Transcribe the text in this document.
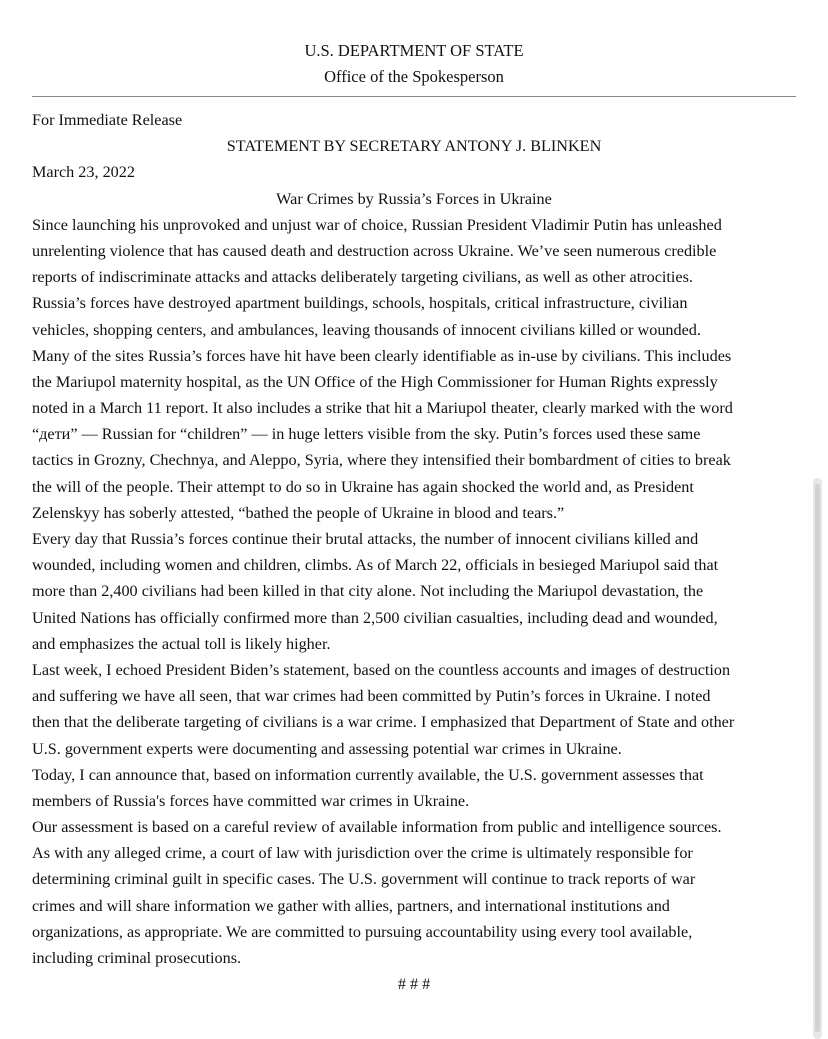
U.S. DEPARTMENT OF STATE
Office of the Spokesperson
For Immediate Release
STATEMENT BY SECRETARY ANTONY J. BLINKEN
March 23, 2022
War Crimes by Russia’s Forces in Ukraine
Since launching his unprovoked and unjust war of choice, Russian President Vladimir Putin has unleashed
unrelenting violence that has caused death and destruction across Ukraine. We’ve seen numerous credible
reports of indiscriminate attacks and attacks deliberately targeting civilians, as well as other atrocities.
Russia’s forces have destroyed apartment buildings, schools, hospitals, critical infrastructure, civilian
vehicles, shopping centers, and ambulances, leaving thousands of innocent civilians killed or wounded.
Many of the sites Russia’s forces have hit have been clearly identifiable as in-use by civilians. This includes
the Mariupol maternity hospital, as the UN Office of the High Commissioner for Human Rights expressly
noted in a March 11 report. It also includes a strike that hit a Mariupol theater, clearly marked with the word
“дети” — Russian for “children” — in huge letters visible from the sky. Putin’s forces used these same
tactics in Grozny, Chechnya, and Aleppo, Syria, where they intensified their bombardment of cities to break
the will of the people. Their attempt to do so in Ukraine has again shocked the world and, as President
Zelenskyy has soberly attested, “bathed the people of Ukraine in blood and tears.”
Every day that Russia’s forces continue their brutal attacks, the number of innocent civilians killed and
wounded, including women and children, climbs. As of March 22, officials in besieged Mariupol said that
more than 2,400 civilians had been killed in that city alone. Not including the Mariupol devastation, the
United Nations has officially confirmed more than 2,500 civilian casualties, including dead and wounded,
and emphasizes the actual toll is likely higher.
Last week, I echoed President Biden’s statement, based on the countless accounts and images of destruction
and suffering we have all seen, that war crimes had been committed by Putin’s forces in Ukraine. I noted
then that the deliberate targeting of civilians is a war crime. I emphasized that Department of State and other
U.S. government experts were documenting and assessing potential war crimes in Ukraine.
Today, I can announce that, based on information currently available, the U.S. government assesses that
members of Russia's forces have committed war crimes in Ukraine.
Our assessment is based on a careful review of available information from public and intelligence sources.
As with any alleged crime, a court of law with jurisdiction over the crime is ultimately responsible for
determining criminal guilt in specific cases. The U.S. government will continue to track reports of war
crimes and will share information we gather with allies, partners, and international institutions and
organizations, as appropriate. We are committed to pursuing accountability using every tool available,
including criminal prosecutions.
# # #
